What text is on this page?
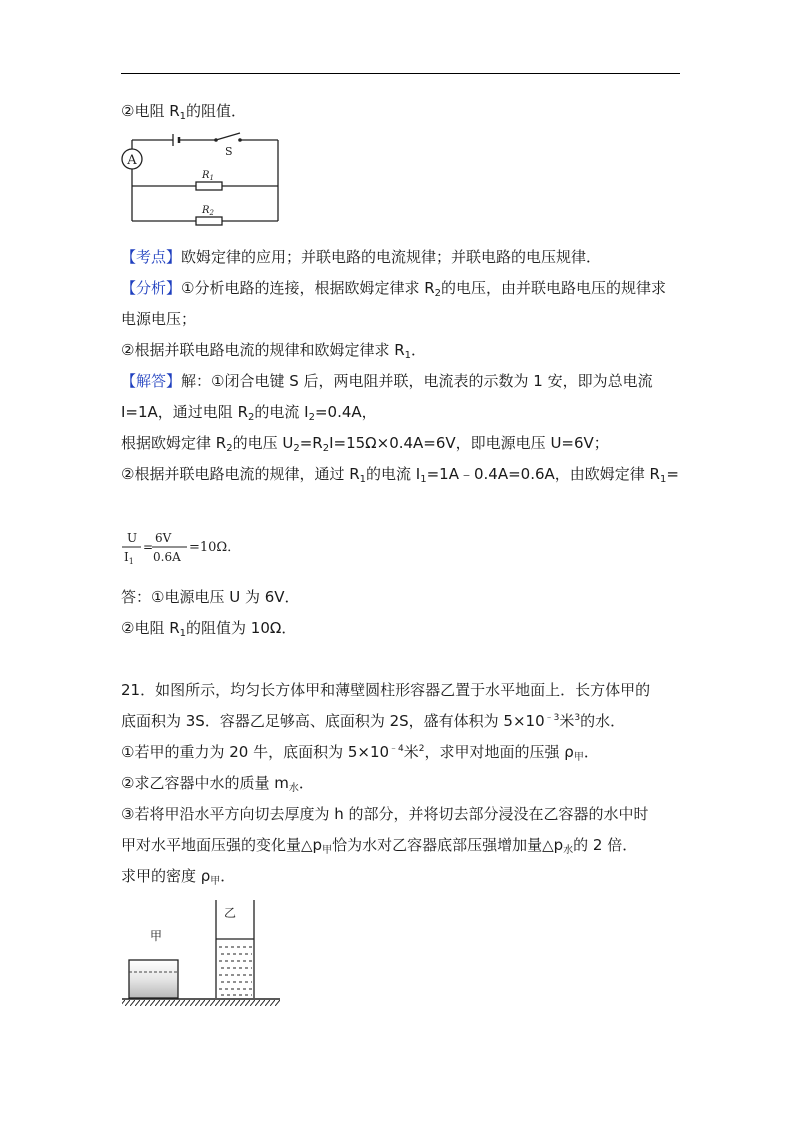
②电阻 $R_1$的阻值．
A
S
$R_1$
$R_2$
【考点】欧姆定律的应用；并联电路的电流规律；并联电路的电压规律．
【分析】①分析电路的连接，根据欧姆定律求 $R_2$的电压，由并联电路电压的规律求
电源电压；
②根据并联电路电流的规律和欧姆定律求 $R_1$．
【解答】解：①闭合电键 S 后，两电阻并联，电流表的示数为 1 安，即为总电流
I=1A，通过电阻 $R_2$的电流 $I_2=0.4A$，
根据欧姆定律 $R_2$的电压 $U_2=R_2I=15\Omega\times 0.4A=6V$，即电源电压 U=6V；
②根据并联电路电流的规律，通过 $R_1$的电流 $I_1=1A﹣0.4A=0.6A$，由欧姆定律 $R_1=$
U
$I_1$
=
6V
0.6A
=10Ω．
答：①电源电压 U 为 6V．
②电阻 $R_1$的阻值为 10Ω．
21．如图所示，均匀长方体甲和薄壁圆柱形容器乙置于水平地面上．长方体甲的
底面积为 3S．容器乙足够高、底面积为 2S，盛有体积为 $5\times 10^{﹣3}$米$^3$的水．
①若甲的重力为 20 牛，底面积为 $5\times 10^{﹣4}$米$^2$，求甲对地面的压强 $\rho_甲$．
②求乙容器中水的质量 $m_水$．
③若将甲沿水平方向切去厚度为 h 的部分，并将切去部分浸没在乙容器的水中时
甲对水平地面压强的变化量$\triangle p_甲$恰为水对乙容器底部压强增加量$\triangle p_水$的 2 倍．
求甲的密度 $\rho_甲$．
甲
乙
